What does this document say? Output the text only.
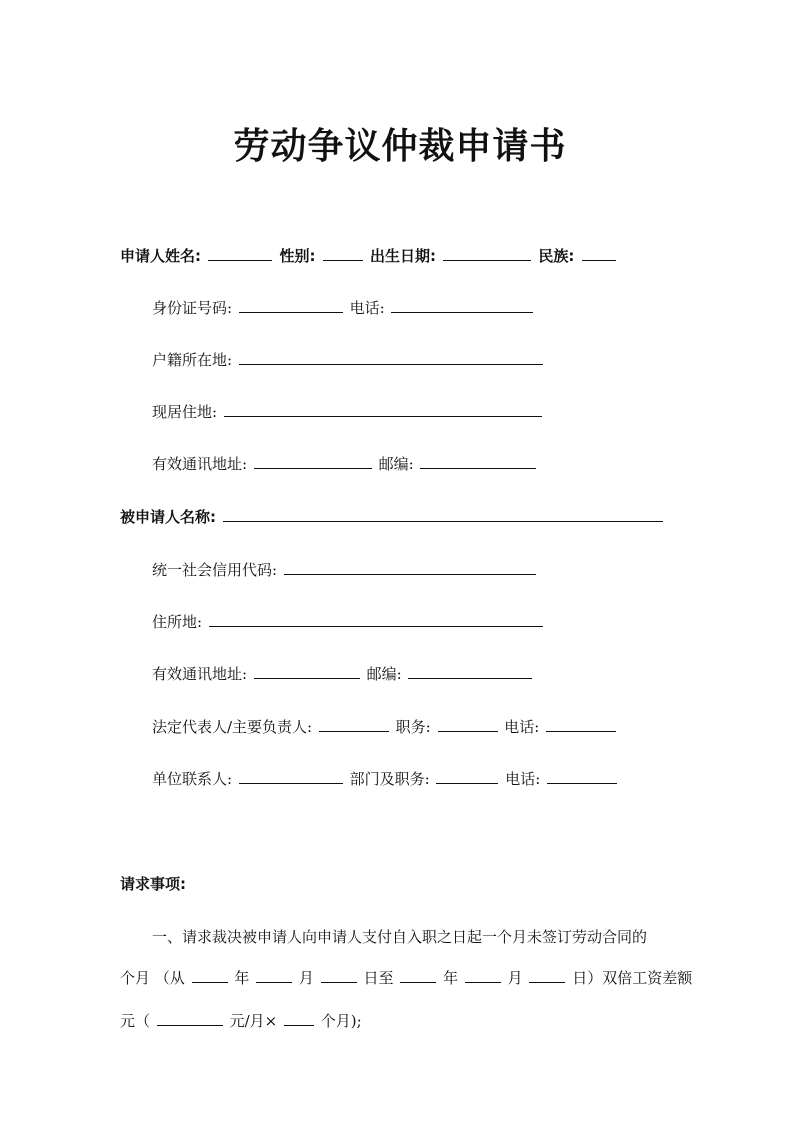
劳动争议仲裁申请书
申请人姓名:	性别:	出生日期:	民族:
身份证号码:	电话:
户籍所在地:
现居住地:
有效通讯地址:	邮编:
被申请人名称:
统一社会信用代码:
住所地:
有效通讯地址:	邮编:
法定代表人/主要负责人:	职务:	电话:
单位联系人:	部门及职务:	电话:
请求事项:
一、请求裁决被申请人向申请人支付自入职之日起一个月未签订劳动合同的
个月 （从	年	月	日至	年	月	日）双倍工资差额
元（	元/月×	个月);
